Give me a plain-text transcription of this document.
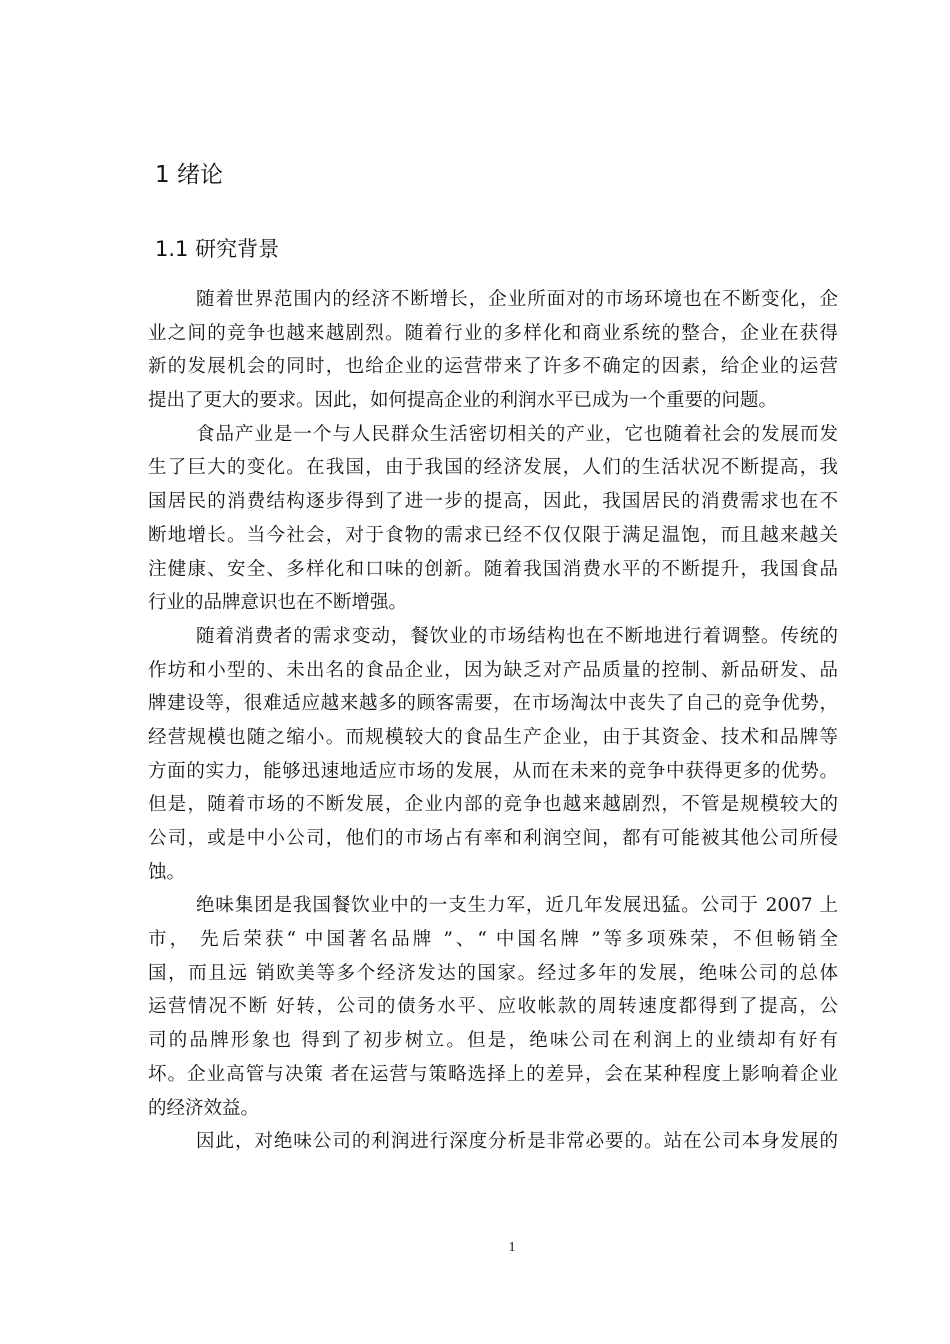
1 绪论
1.1 研究背景
随着世界范围内的经济不断增长，企业所面对的市场环境也在不断变化，企
业之间的竞争也越来越剧烈。随着行业的多样化和商业系统的整合，企业在获得
新的发展机会的同时，也给企业的运营带来了许多不确定的因素，给企业的运营
提出了更大的要求。因此，如何提高企业的利润水平已成为一个重要的问题。
食品产业是一个与人民群众生活密切相关的产业，它也随着社会的发展而发
生了巨大的变化。在我国，由于我国的经济发展，人们的生活状况不断提高，我
国居民的消费结构逐步得到了进一步的提高，因此，我国居民的消费需求也在不
断地增长。当今社会，对于食物的需求已经不仅仅限于满足温饱，而且越来越关
注健康、安全、多样化和口味的创新。随着我国消费水平的不断提升，我国食品
行业的品牌意识也在不断增强。
随着消费者的需求变动，餐饮业的市场结构也在不断地进行着调整。传统的
作坊和小型的、未出名的食品企业，因为缺乏对产品质量的控制、新品研发、品
牌建设等，很难适应越来越多的顾客需要，在市场淘汰中丧失了自己的竞争优势，
经营规模也随之缩小。而规模较大的食品生产企业，由于其资金、技术和品牌等
方面的实力，能够迅速地适应市场的发展，从而在未来的竞争中获得更多的优势。
但是，随着市场的不断发展，企业内部的竞争也越来越剧烈，不管是规模较大的
公司，或是中小公司，他们的市场占有率和利润空间，都有可能被其他公司所侵
蚀。
绝味集团是我国餐饮业中的一支生力军，近几年发展迅猛。公司于 2007 上
市， 先后荣获“ 中国著名品牌 ”、“ 中国名牌 ”等多项殊荣，不但畅销全
国，而且远 销欧美等多个经济发达的国家。经过多年的发展，绝味公司的总体
运营情况不断 好转，公司的债务水平、应收帐款的周转速度都得到了提高，公
司的品牌形象也 得到了初步树立。但是，绝味公司在利润上的业绩却有好有
坏。企业高管与决策 者在运营与策略选择上的差异，会在某种程度上影响着企业
的经济效益。
因此，对绝味公司的利润进行深度分析是非常必要的。站在公司本身发展的
1
